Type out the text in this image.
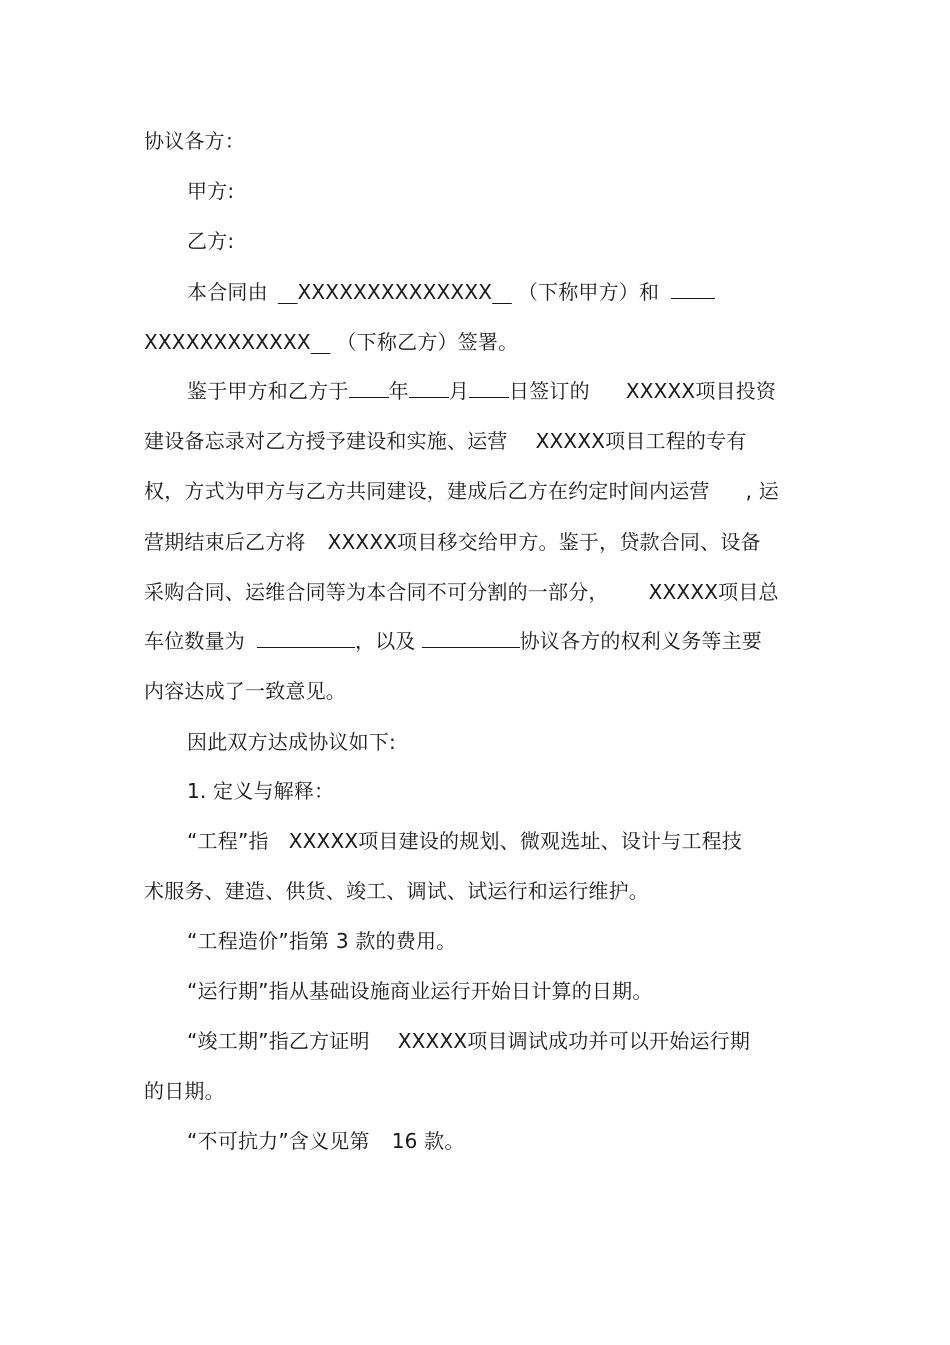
协议各方：
甲方:
乙方:
本合同由 XXXXXXXXXXXXXX （下称甲方）和
XXXXXXXXXXXX （下称乙方）签署。
鉴于甲方和乙方于 年 月 日签订的 XXXXX项目投资
建设备忘录对乙方授予建设和实施、运营 XXXXX项目工程的专有
权，方式为甲方与乙方共同建设，建成后乙方在约定时间内运营 , 运
营期结束后乙方将 XXXXX项目移交给甲方。鉴于，贷款合同、设备
采购合同、运维合同等为本合同不可分割的一部分， XXXXX项目总
车位数量为	，以及	协议各方的权利义务等主要
内容达成了一致意见。
因此双方达成协议如下:
1. 定义与解释：
“工程”指 XXXXX项目建设的规划、微观选址、设计与工程技
术服务、建造、供货、竣工、调试、试运行和运行维护。
“工程造价”指第 3 款的费用。
“运行期”指从基础设施商业运行开始日计算的日期。
“竣工期”指乙方证明 XXXXX项目调试成功并可以开始运行期
的日期。
“不可抗力”含义见第 16 款。
